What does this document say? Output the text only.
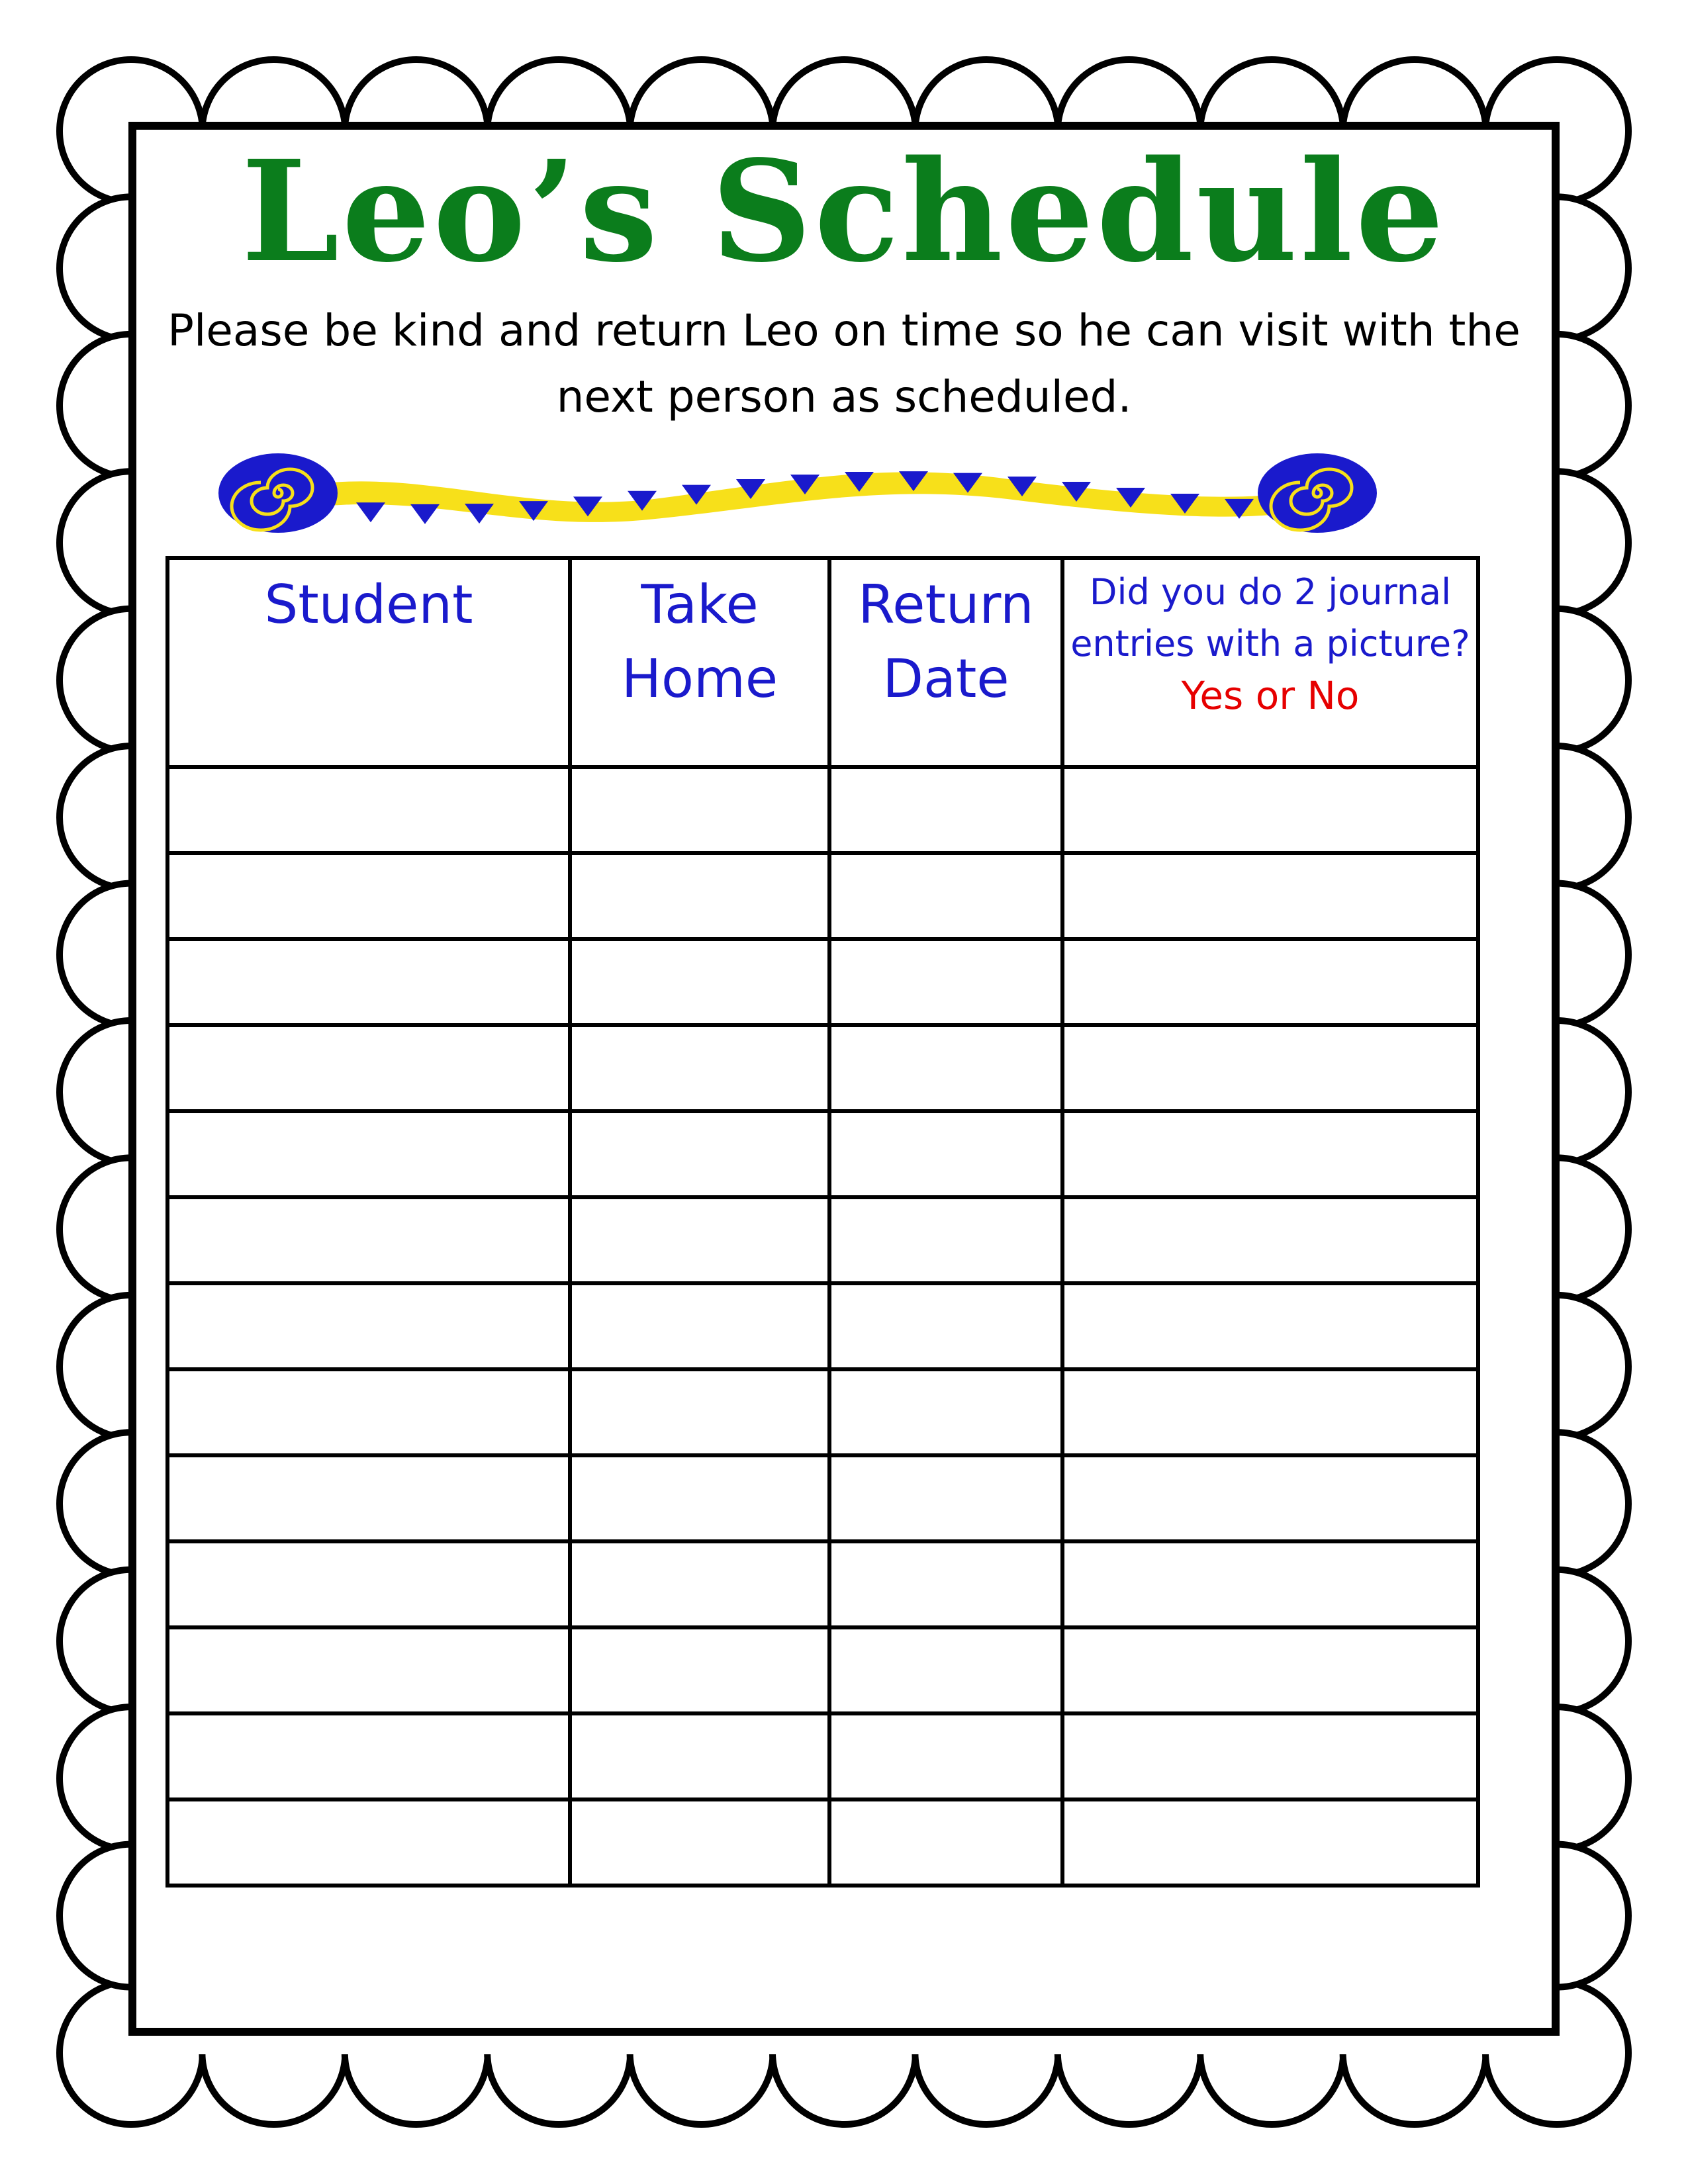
Leo’s Schedule
Please be kind and return Leo on time so he can visit with the next person as scheduled.
Student	Take Home	Return Date	Did you do 2 journal entries with a picture?
Yes or No
